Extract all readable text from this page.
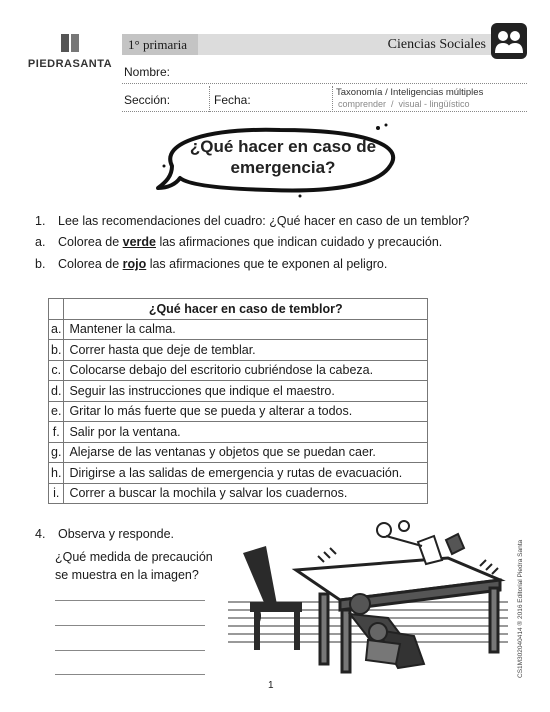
PIEDRASANTA
1° primaria	Ciencias Sociales
Nombre:
Sección:	Fecha:
Taxonomía / Inteligencias múltiples
comprender  /  visual - lingüístico
¿Qué hacer en caso de
emergencia?
1. Lee las recomendaciones del cuadro: ¿Qué hacer en caso de un temblor?
a. Colorea de verde las afirmaciones que indican cuidado y precaución.
b. Colorea de rojo las afirmaciones que te exponen al peligro.
	¿Qué hacer en caso de temblor?
a.	Mantener la calma.
b.	Correr hasta que deje de temblar.
c.	Colocarse debajo del escritorio cubriéndose la cabeza.
d.	Seguir las instrucciones que indique el maestro.
e.	Gritar lo más fuerte que se pueda y alterar a todos.
f.	Salir por la ventana.
g.	Alejarse de las ventanas y objetos que se puedan caer.
h.	Dirigirse a las salidas de emergencia y rutas de evacuación.
i.	Correr a buscar la mochila y salvar los cuadernos.
4. Observa y responde.
¿Qué medida de precaución
se muestra en la imagen?	CS1M302040414 ® 2016 Editorial Piedra Santa
1
